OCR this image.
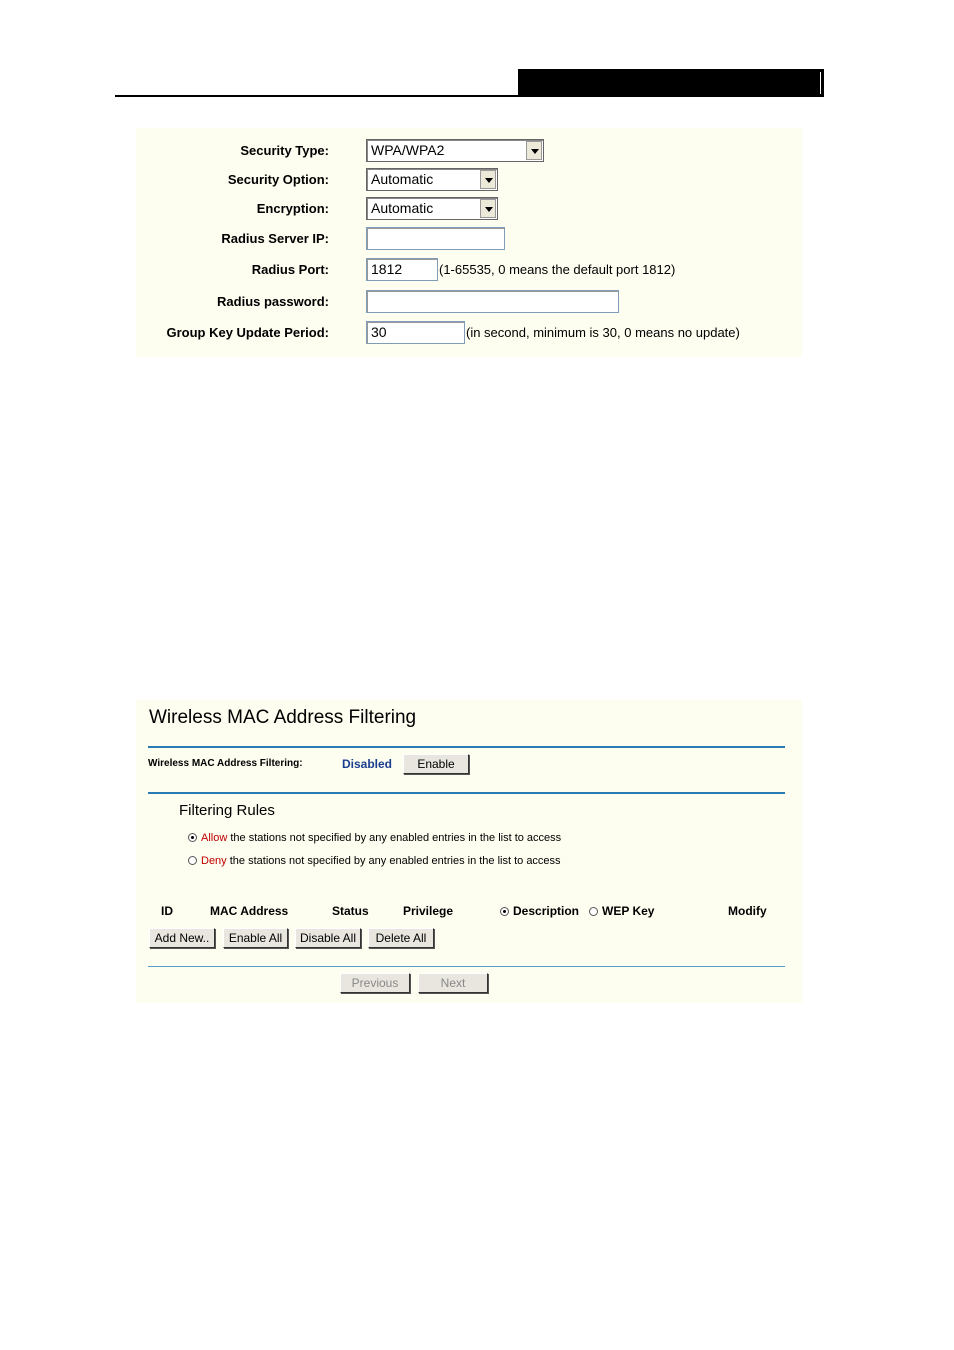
Security Type:	WPA/WPA2
Security Option:	Automatic
Encryption:	Automatic
Radius Server IP:
Radius Port:	1812	(1-65535, 0 means the default port 1812)
Radius password:
Group Key Update Period:	30	(in second, minimum is 30, 0 means no update)
Wireless MAC Address Filtering
Wireless MAC Address Filtering:	Disabled	Enable
Filtering Rules
Allow the stations not specified by any enabled entries in the list to access
Deny the stations not specified by any enabled entries in the list to access
ID	MAC Address	Status	Privilege	Description	WEP Key	Modify
Add New..	Enable All	Disable All	Delete All
Previous	Next
